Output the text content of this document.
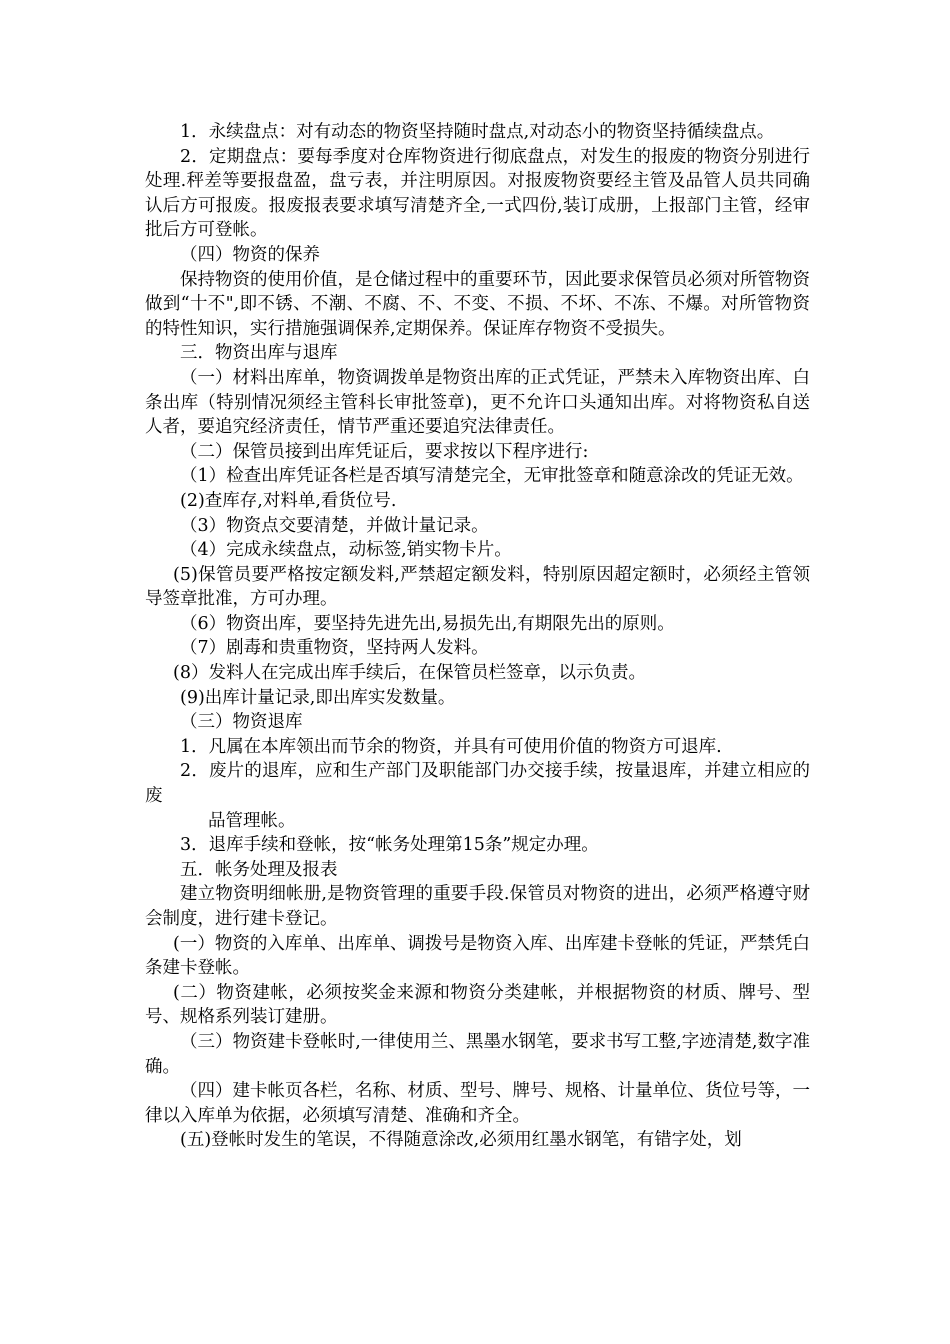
1．永续盘点：对有动态的物资坚持随时盘点,对动态小的物资坚持循续盘点。

2．定期盘点：要每季度对仓库物资进行彻底盘点，对发生的报废的物资分别进行处理.秤差等要报盘盈，盘亏表，并注明原因。对报废物资要经主管及品管人员共同确认后方可报废。报废报表要求填写清楚齐全,一式四份,装订成册，上报部门主管，经审批后方可登帐。

（四）物资的保养

保持物资的使用价值，是仓储过程中的重要环节，因此要求保管员必须对所管物资做到“十不",即不锈、不潮、不腐、不、不变、不损、不坏、不冻、不爆。对所管物资的特性知识，实行措施强调保养,定期保养。保证库存物资不受损失。

三．物资出库与退库

（一）材料出库单，物资调拨单是物资出库的正式凭证，严禁未入库物资出库、白条出库（特别情况须经主管科长审批签章)，更不允许口头通知出库。对将物资私自送人者，要追究经济责任，情节严重还要追究法律责任。

（二）保管员接到出库凭证后，要求按以下程序进行:

（1）检查出库凭证各栏是否填写清楚完全，无审批签章和随意涂改的凭证无效。

(2)查库存,对料单,看货位号.

（3）物资点交要清楚，并做计量记录。

（4）完成永续盘点，动标签,销实物卡片。

(5)保管员要严格按定额发料,严禁超定额发料，特别原因超定额时，必须经主管领导签章批准，方可办理。

（6）物资出库，要坚持先进先出,易损先出,有期限先出的原则。

（7）剧毒和贵重物资，坚持两人发料。

(8）发料人在完成出库手续后，在保管员栏签章，以示负责。

(9)出库计量记录,即出库实发数量。

（三）物资退库

1．凡属在本库领出而节余的物资，并具有可使用价值的物资方可退库.

2．废片的退库，应和生产部门及职能部门办交接手续，按量退库，并建立相应的废

品管理帐。

3．退库手续和登帐，按“帐务处理第15条”规定办理。

五．帐务处理及报表

建立物资明细帐册,是物资管理的重要手段.保管员对物资的进出，必须严格遵守财会制度，进行建卡登记。

(一）物资的入库单、出库单、调拨号是物资入库、出库建卡登帐的凭证，严禁凭白条建卡登帐。

(二）物资建帐，必须按奖金来源和物资分类建帐，并根据物资的材质、牌号、型号、规格系列装订建册。

（三）物资建卡登帐时,一律使用兰、黑墨水钢笔，要求书写工整,字迹清楚,数字准确。

（四）建卡帐页各栏，名称、材质、型号、牌号、规格、计量单位、货位号等，一律以入库单为依据，必须填写清楚、准确和齐全。

(五)登帐时发生的笔误，不得随意涂改,必须用红墨水钢笔，有错字处，划
